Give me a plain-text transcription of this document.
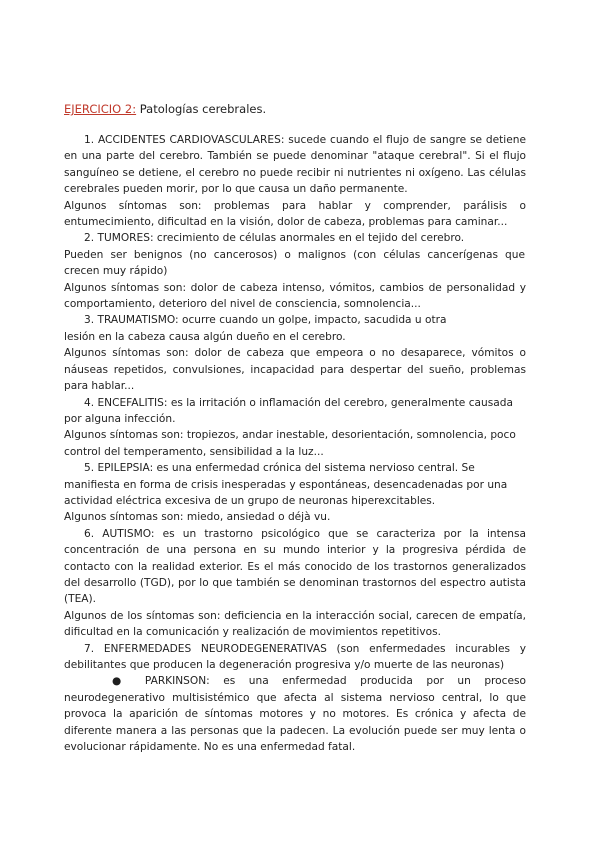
EJERCICIO 2: Patologías cerebrales.

1. ACCIDENTES CARDIOVASCULARES: sucede cuando el flujo de sangre se detiene en una parte del cerebro. También se puede denominar "ataque cerebral". Si el flujo sanguíneo se detiene, el cerebro no puede recibir ni nutrientes ni oxígeno. Las células cerebrales pueden morir, por lo que causa un daño permanente.

Algunos síntomas son: problemas para hablar y comprender, parálisis o entumecimiento, dificultad en la visión, dolor de cabeza, problemas para caminar...

2. TUMORES: crecimiento de células anormales en el tejido del cerebro.

Pueden ser benignos (no cancerosos) o malignos (con células cancerígenas que crecen muy rápido)

Algunos síntomas son: dolor de cabeza intenso, vómitos, cambios de personalidad y comportamiento, deterioro del nivel de consciencia, somnolencia...

3. TRAUMATISMO: ocurre cuando un golpe, impacto, sacudida u otra

lesión en la cabeza causa algún dueño en el cerebro.

Algunos síntomas son: dolor de cabeza que empeora o no desaparece, vómitos o náuseas repetidos, convulsiones, incapacidad para despertar del sueño, problemas para hablar...

4. ENCEFALITIS: es la irritación o inflamación del cerebro, generalmente causada por alguna infección.

Algunos síntomas son: tropiezos, andar inestable, desorientación, somnolencia, poco control del temperamento, sensibilidad a la luz...

5. EPILEPSIA: es una enfermedad crónica del sistema nervioso central. Se manifiesta en forma de crisis inesperadas y espontáneas, desencadenadas por una actividad eléctrica excesiva de un grupo de neuronas hiperexcitables.

Algunos síntomas son: miedo, ansiedad o déjà vu.

6. AUTISMO: es un trastorno psicológico que se caracteriza por la intensa concentración de una persona en su mundo interior y la progresiva pérdida de contacto con la realidad exterior. Es el más conocido de los trastornos generalizados del desarrollo (TGD), por lo que también se denominan trastornos del espectro autista (TEA).

Algunos de los síntomas son: deficiencia en la interacción social, carecen de empatía, dificultad en la comunicación y realización de movimientos repetitivos.

7. ENFERMEDADES NEURODEGENERATIVAS (son enfermedades incurables y debilitantes que producen la degeneración progresiva y/o muerte de las neuronas)

● PARKINSON: es una enfermedad producida por un proceso neurodegenerativo multisistémico que afecta al sistema nervioso central, lo que provoca la aparición de síntomas motores y no motores. Es crónica y afecta de diferente manera a las personas que la padecen. La evolución puede ser muy lenta o evolucionar rápidamente. No es una enfermedad fatal.
